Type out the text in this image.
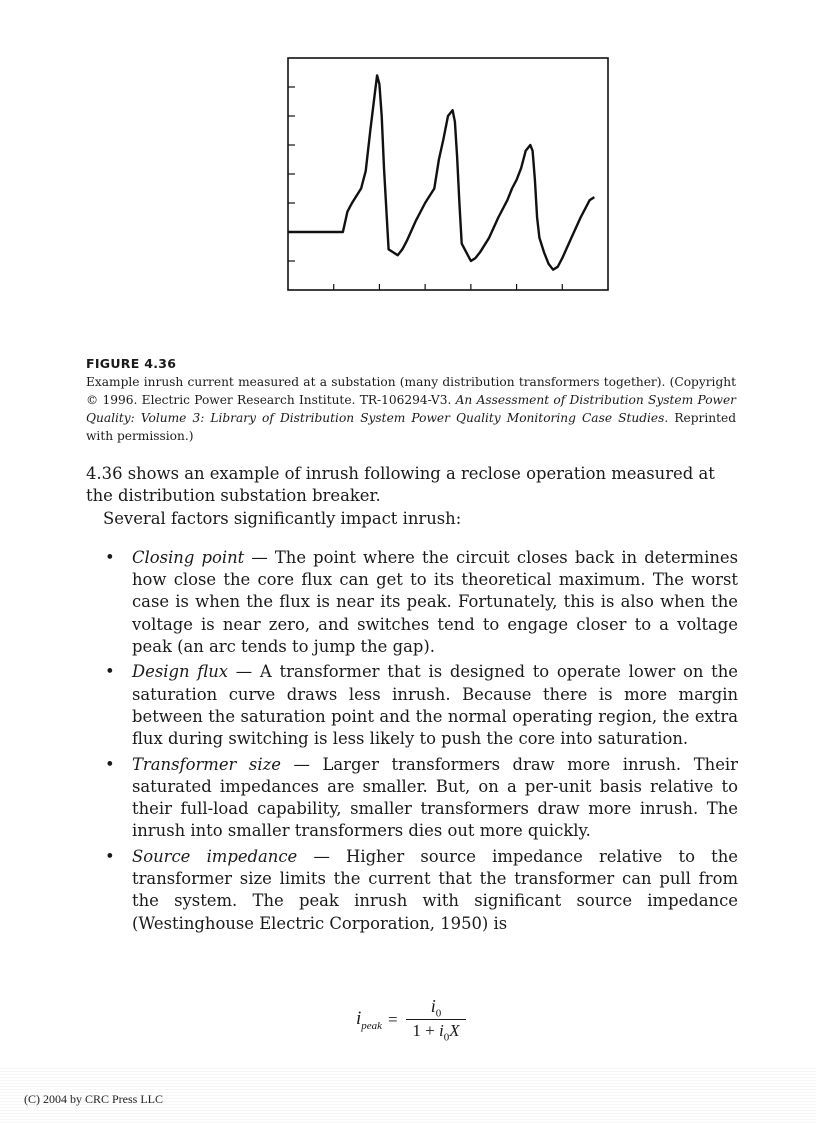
FIGURE 4.36
Example inrush current measured at a substation (many distribution transformers together). (Copyright © 1996. Electric Power Research Institute. TR-106294-V3. An Assessment of Distribution System Power Quality: Volume 3: Library of Distribution System Power Quality Monitoring Case Studies. Reprinted with permission.)

4.36 shows an example of inrush following a reclose operation measured at the distribution substation breaker.

Several factors significantly impact inrush:

• Closing point — The point where the circuit closes back in determines how close the core flux can get to its theoretical maximum. The worst case is when the flux is near its peak. Fortunately, this is also when the voltage is near zero, and switches tend to engage closer to a voltage peak (an arc tends to jump the gap).
• Design flux — A transformer that is designed to operate lower on the saturation curve draws less inrush. Because there is more margin between the saturation point and the normal operating region, the extra flux during switching is less likely to push the core into saturation.
• Transformer size — Larger transformers draw more inrush. Their saturated impedances are smaller. But, on a per-unit basis relative to their full-load capability, smaller transformers draw more inrush. The inrush into smaller transformers dies out more quickly.
• Source impedance — Higher source impedance relative to the transformer size limits the current that the transformer can pull from the system. The peak inrush with significant source impedance (Westinghouse Electric Corporation, 1950) is
$i_{peak}$ =
$i_0$
$1 + i_0X$
(C) 2004 by CRC Press LLC
